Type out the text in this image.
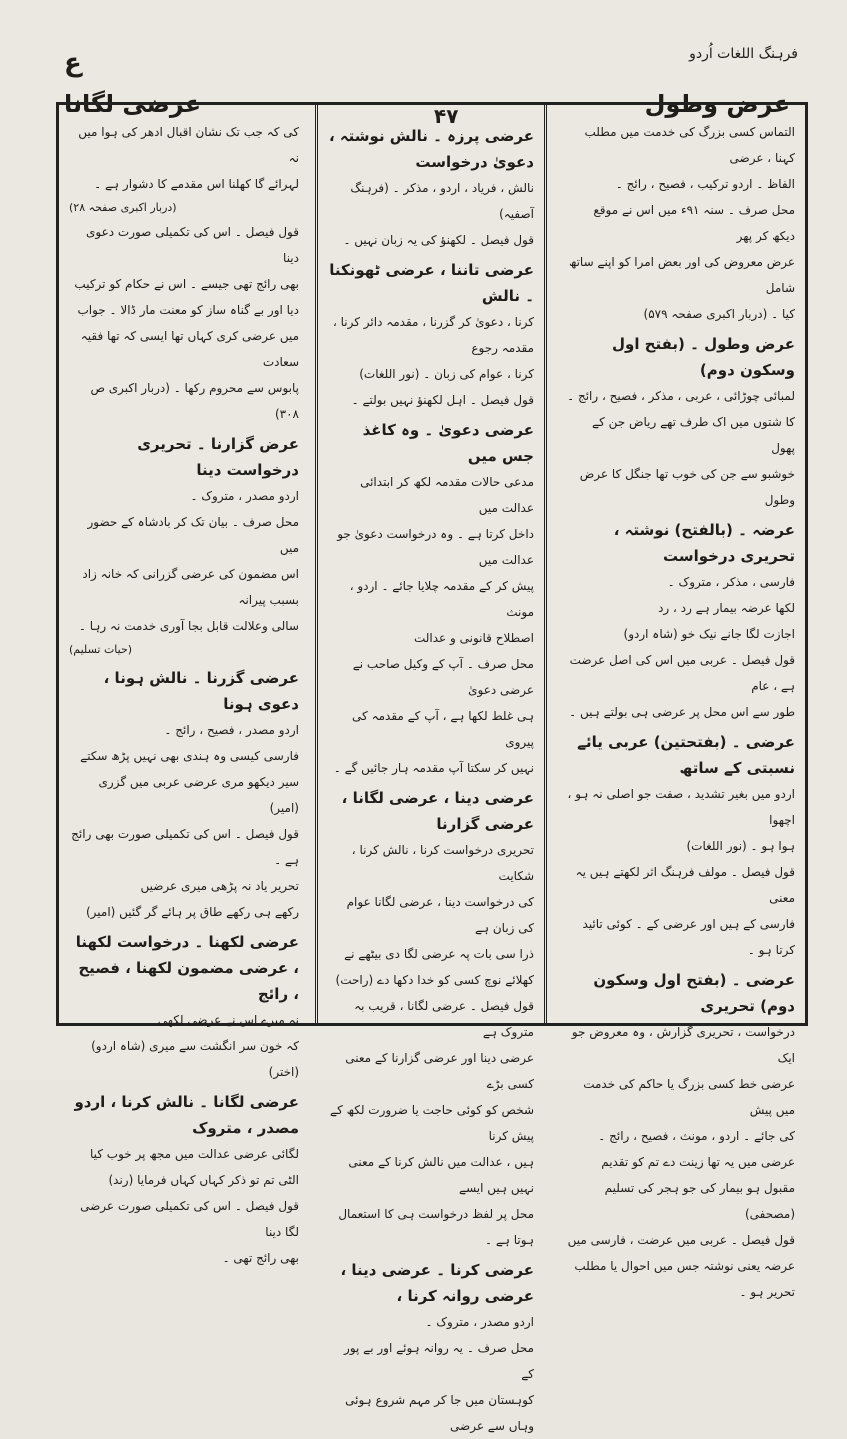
ع	فرہنگ اللغات اُردو
عرضی لگانا	۴۷	عرض وطول

التماس کسی بزرگ کی خدمت میں مطلب کہنا ، عرضی

الفاظ ۔ اردو ترکیب ، فصیح ، رائج ۔

محل صرف ۔ سنہ ۹۱ء میں اس نے موقع دیکھ کر پھر

عرض معروض کی اور بعض امرا کو اپنے ساتھ شامل

کیا ۔ (دربار اکبری صفحہ ۵۷۹)

عرض وطول ۔ (بفتح اول وسکون دوم)

لمبائی چوڑائی ، عربی ، مذکر ، فصیح ، رائج ۔

کا شتوں میں اک طرف تھے ریاض جن کے پھول

خوشبو سے جن کی خوب تھا جنگل کا عرض وطول

عرضہ ۔ (بالفتح) نوشتہ ، تحریری درخواست

فارسی ، مذکر ، متروک ۔

لکھا عرضہ بیمار ہے رد ، رد

اجازت لگا جانے نیک خو (شاہ اردو)

قول فیصل ۔ عربی میں اس کی اصل عرضت ہے ، عام

طور سے اس محل پر عرضی ہی بولتے ہیں ۔

عرضی ۔ (بفتحتین) عربی یائے نسبتی کے ساتھ

اردو میں بغیر تشدید ، صفت جو اصلی نہ ہو ، اچھوا

ہوا ہو ۔ (نور اللغات)

قول فیصل ۔ مولف فرہنگ اثر لکھتے ہیں یہ معنی

فارسی کے ہیں اور عرضی کے ۔ کوئی تائید کرتا ہو ۔

عرضی ۔ (بفتح اول وسکون دوم) تحریری

درخواست ، تحریری گزارش ، وہ معروض جو ایک

عرضی خط کسی بزرگ یا حاکم کی خدمت میں پیش

کی جائے ۔ اردو ، مونث ، فصیح ، رائج ۔

عرضی میں یہ تھا زینت دے تم کو تقدیم

مقبول ہو بیمار کی جو ہجر کی تسلیم (مصحفی)

قول فیصل ۔ عربی میں عرضت ، فارسی میں

عرضہ یعنی نوشتہ جس میں احوال یا مطلب

تحریر ہو ۔

عرضی پرزہ ۔ نالش نوشتہ ، دعویٰ درخواست

نالش ، فریاد ، اردو ، مذکر ۔ (فرہنگ آصفیہ)

قول فیصل ۔ لکھنؤ کی یہ زبان نہیں ۔

عرضی تاننا ، عرضی ٹھونکنا ۔ نالش

کرنا ، دعویٰ کر گزرنا ، مقدمہ دائر کرنا ، مقدمہ رجوع

کرنا ، عوام کی زبان ۔ (نور اللغات)

قول فیصل ۔ اہل لکھنؤ نہیں بولتے ۔

عرضی دعویٰ ۔ وہ کاغذ جس میں

مدعی حالات مقدمہ لکھ کر ابتدائی عدالت میں

داخل کرتا ہے ۔ وہ درخواست دعویٰ جو عدالت میں

پیش کر کے مقدمہ چلایا جائے ۔ اردو ، مونث

اصطلاح قانونی و عدالت

محل صرف ۔ آپ کے وکیل صاحب نے عرضی دعویٰ

ہی غلط لکھا ہے ، آپ کے مقدمہ کی پیروی

نہیں کر سکتا آپ مقدمہ ہار جائیں گے ۔

عرضی دینا ، عرضی لگانا ، عرضی گزارنا

تحریری درخواست کرنا ، نالش کرنا ، شکایت

کی درخواست دینا ، عرضی لگانا عوام کی زبان ہے

ذرا سی بات پہ عرضی لگا دی بیٹھے نے

کھلائے نوچ کسی کو خدا دکھا دے (راحت)

قول فیصل ۔ عرضی لگانا ، قریب بہ متروک ہے

عرضی دینا اور عرضی گزارنا کے معنی کسی بڑے

شخص کو کوئی حاجت یا ضرورت لکھ کے پیش کرنا

ہیں ، عدالت میں نالش کرنا کے معنی نہیں ہیں ایسے

محل پر لفظ درخواست ہی کا استعمال ہوتا ہے ۔

عرضی کرنا ۔ عرضی دینا ، عرضی روانہ کرنا ،

اردو مصدر ، متروک ۔

محل صرف ۔ یہ روانہ ہوئے اور بے پور کے

کوہستان میں جا کر مہم شروع ہوئی وہاں سے عرضی

کی کہ جب تک نشان اقبال ادھر کی ہوا میں نہ

لہرائے گا کھلنا اس مقدمے کا دشوار ہے ۔

(دربار اکبری صفحہ ۲۸)

قول فیصل ۔ اس کی تکمیلی صورت دعوی دینا

بھی رائج تھی جیسے ۔ اس نے حکام کو ترکیب

دیا اور بے گناہ ساز کو معنت مار ڈالا ۔ جواب

میں عرضی کری کہاں تھا ایسی کہ تھا فقیہ سعادت

پابوس سے محروم رکھا ۔ (دربار اکبری ص ۳۰۸)

عرض گزارنا ۔ تحریری درخواست دینا

اردو مصدر ، متروک ۔

محل صرف ۔ بیان تک کر بادشاہ کے حضور میں

اس مضمون کی عرضی گزرانی کہ خانہ زاد بسبب پیرانہ

سالی وعلالت قابل بجا آوری خدمت نہ رہا ۔

(حیات تسلیم)

عرضی گزرنا ۔ نالش ہونا ، دعوی ہونا

اردو مصدر ، فصیح ، رائج ۔

فارسی کیسی وہ ہندی بھی نہیں پڑھ سکتے

سیر دیکھو مری عرضی عربی میں گزری (امیر)

قول فیصل ۔ اس کی تکمیلی صورت بھی رائج ہے ۔

تحریر یاد نہ پڑھی میری عرضیں

رکھے ہی رکھے طاق پر ہائے گر گئیں (امیر)

عرضی لکھنا ۔ درخواست لکھنا ، عرضی مضمون لکھنا ، فصیح ، رائج

نہ میرے اس نے عرضی لکھی

کہ خون سر انگشت سے میری (شاہ اردو) (اختر)

عرضی لگانا ۔ نالش کرنا ، اردو مصدر ، متروک

لگائی عرضی عدالت میں مجھ پر خوب کیا

الٹی تم تو ذکر کہاں کہاں فرمایا (رند)

قول فیصل ۔ اس کی تکمیلی صورت عرضی لگا دینا

بھی رائج تھی ۔
